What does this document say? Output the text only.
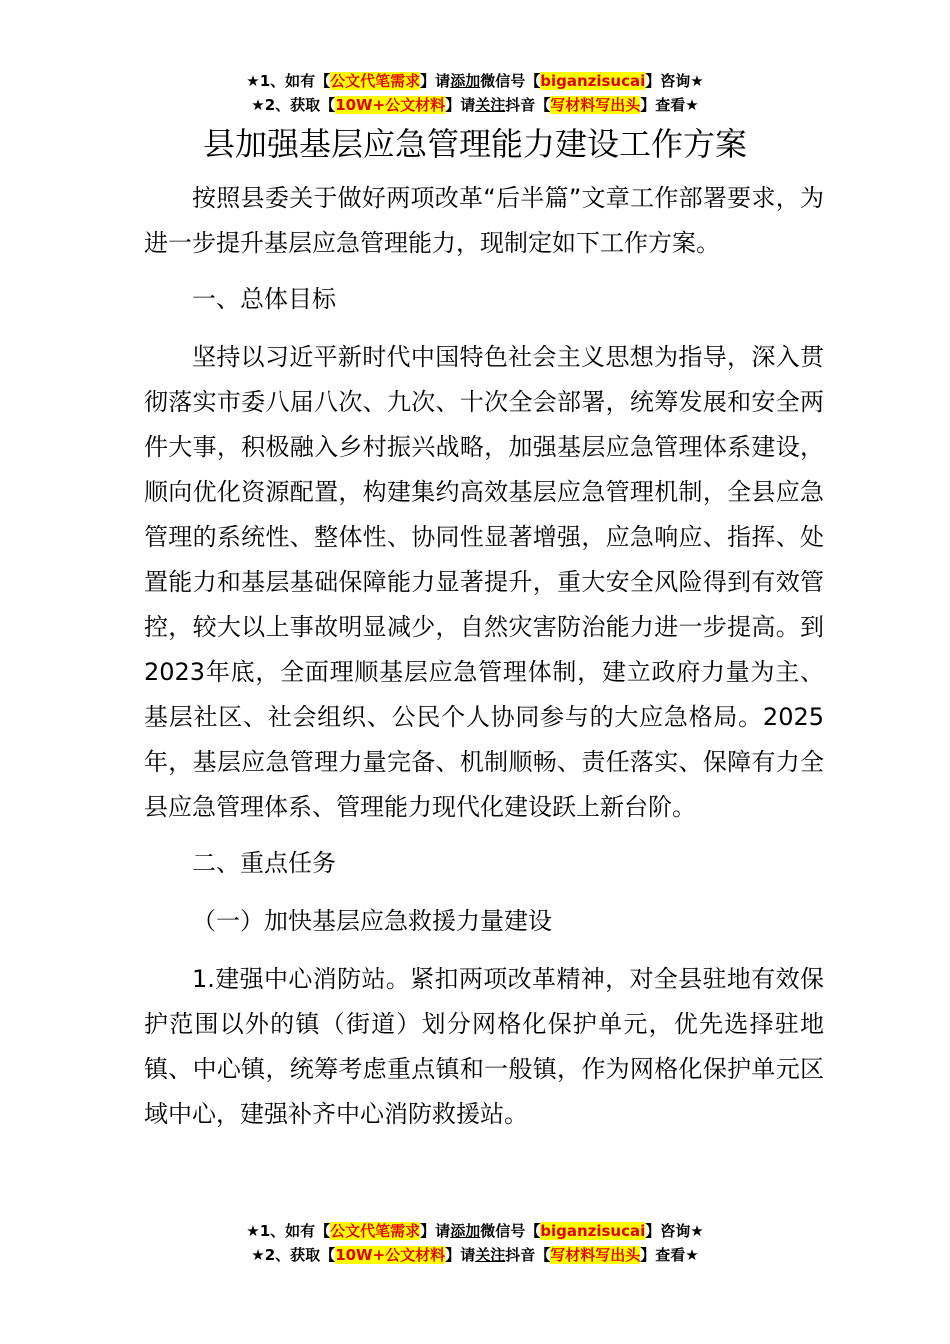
★1、如有【公文代笔需求】请添加微信号【biganzisucai】咨询★
★2、获取【10W+公文材料】请关注抖音【写材料写出头】查看★
县加强基层应急管理能力建设工作方案

按照县委关于做好两项改革“后半篇”文章工作部署要求，为进一步提升基层应急管理能力，现制定如下工作方案。

一、总体目标

坚持以习近平新时代中国特色社会主义思想为指导，深入贯彻落实市委八届八次、九次、十次全会部署，统筹发展和安全两件大事，积极融入乡村振兴战略，加强基层应急管理体系建设，顺向优化资源配置，构建集约高效基层应急管理机制，全县应急管理的系统性、整体性、协同性显著增强，应急响应、指挥、处置能力和基层基础保障能力显著提升，重大安全风险得到有效管控，较大以上事故明显减少，自然灾害防治能力进一步提高。到2023年底，全面理顺基层应急管理体制，建立政府力量为主、基层社区、社会组织、公民个人协同参与的大应急格局。2025年，基层应急管理力量完备、机制顺畅、责任落实、保障有力全县应急管理体系、管理能力现代化建设跃上新台阶。

二、重点任务

（一）加快基层应急救援力量建设

1.建强中心消防站。紧扣两项改革精神，对全县驻地有效保护范围以外的镇（街道）划分网格化保护单元，优先选择驻地镇、中心镇，统筹考虑重点镇和一般镇，作为网格化保护单元区域中心，建强补齐中心消防救援站。

★1、如有【公文代笔需求】请添加微信号【biganzisucai】咨询★
★2、获取【10W+公文材料】请关注抖音【写材料写出头】查看★
